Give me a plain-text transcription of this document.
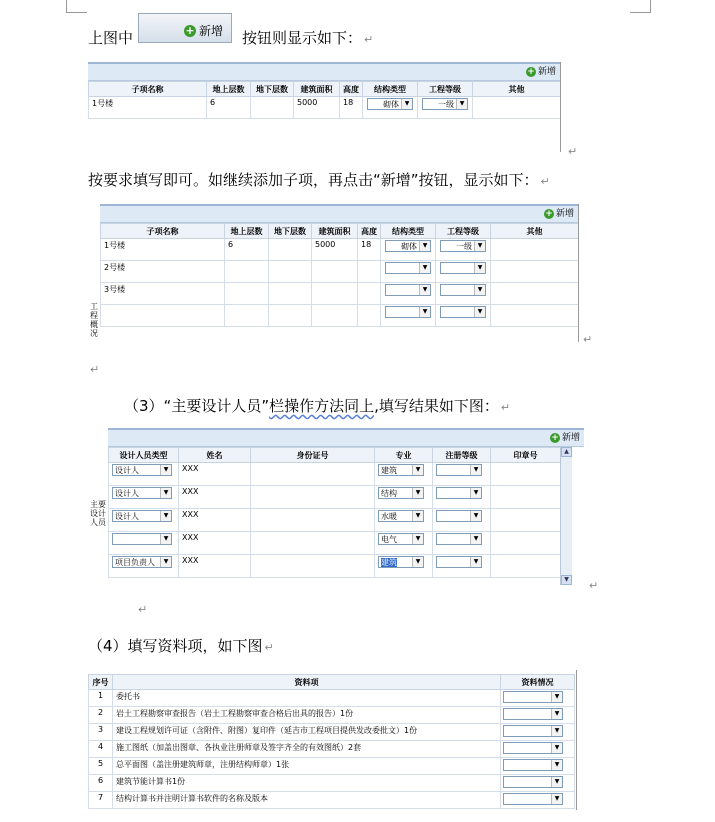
上图中	+ 新增 按钮则显示如下： ↵
+ 新增
子项名称	地上层数	地下层数	建筑面积	高度	结构类型	工程等级	其他
1号楼	6		5000	18	砌体 ▼	一级 ▼	

↵
按要求填写即可。如继续添加子项，再点击“新增”按钮，显示如下： ↵
工
程
概
况
+ 新增
子项名称	地上层数	地下层数	建筑面积	高度	结构类型	工程等级	其他
1号楼	6		5000	18	砌体 ▼	一级 ▼	

2号楼					▼	▼	

3号楼					▼	▼	

					▼	▼	

↵
↵
（3）“主要设计人员”栏操作方法同上,填写结果如下图： ↵
主要
设计
人员
+ 新增
设计人员类型	姓名	身份证号	专业	注册等级	印章号
设计人 ▼	XXX		建筑 ▼	▼	

设计人 ▼	XXX		结构 ▼	▼	

设计人 ▼	XXX		水暖 ▼	▼	

▼	XXX		电气 ▼	▼	

项目负责人 ▼	XXX		建筑 ▼	▼	

▲
▼ ↵
↵
（4）填写资料项，如下图 ↵
序号	资料项	资料情况
1	委托书	▼

2	岩土工程勘察审查报告（岩土工程勘察审查合格后出具的报告）1份	▼

3	建设工程规划许可证（含附件、附图）复印件（延吉市工程项目提供发改委批文）1份	▼

4	施工图纸（加盖出图章、各执业注册师章及签字齐全的有效图纸）2套	▼

5	总平面图（盖注册建筑师章，注册结构师章）1张	▼

6	建筑节能计算书1份	▼

7	结构计算书并注明计算书软件的名称及版本	▼
